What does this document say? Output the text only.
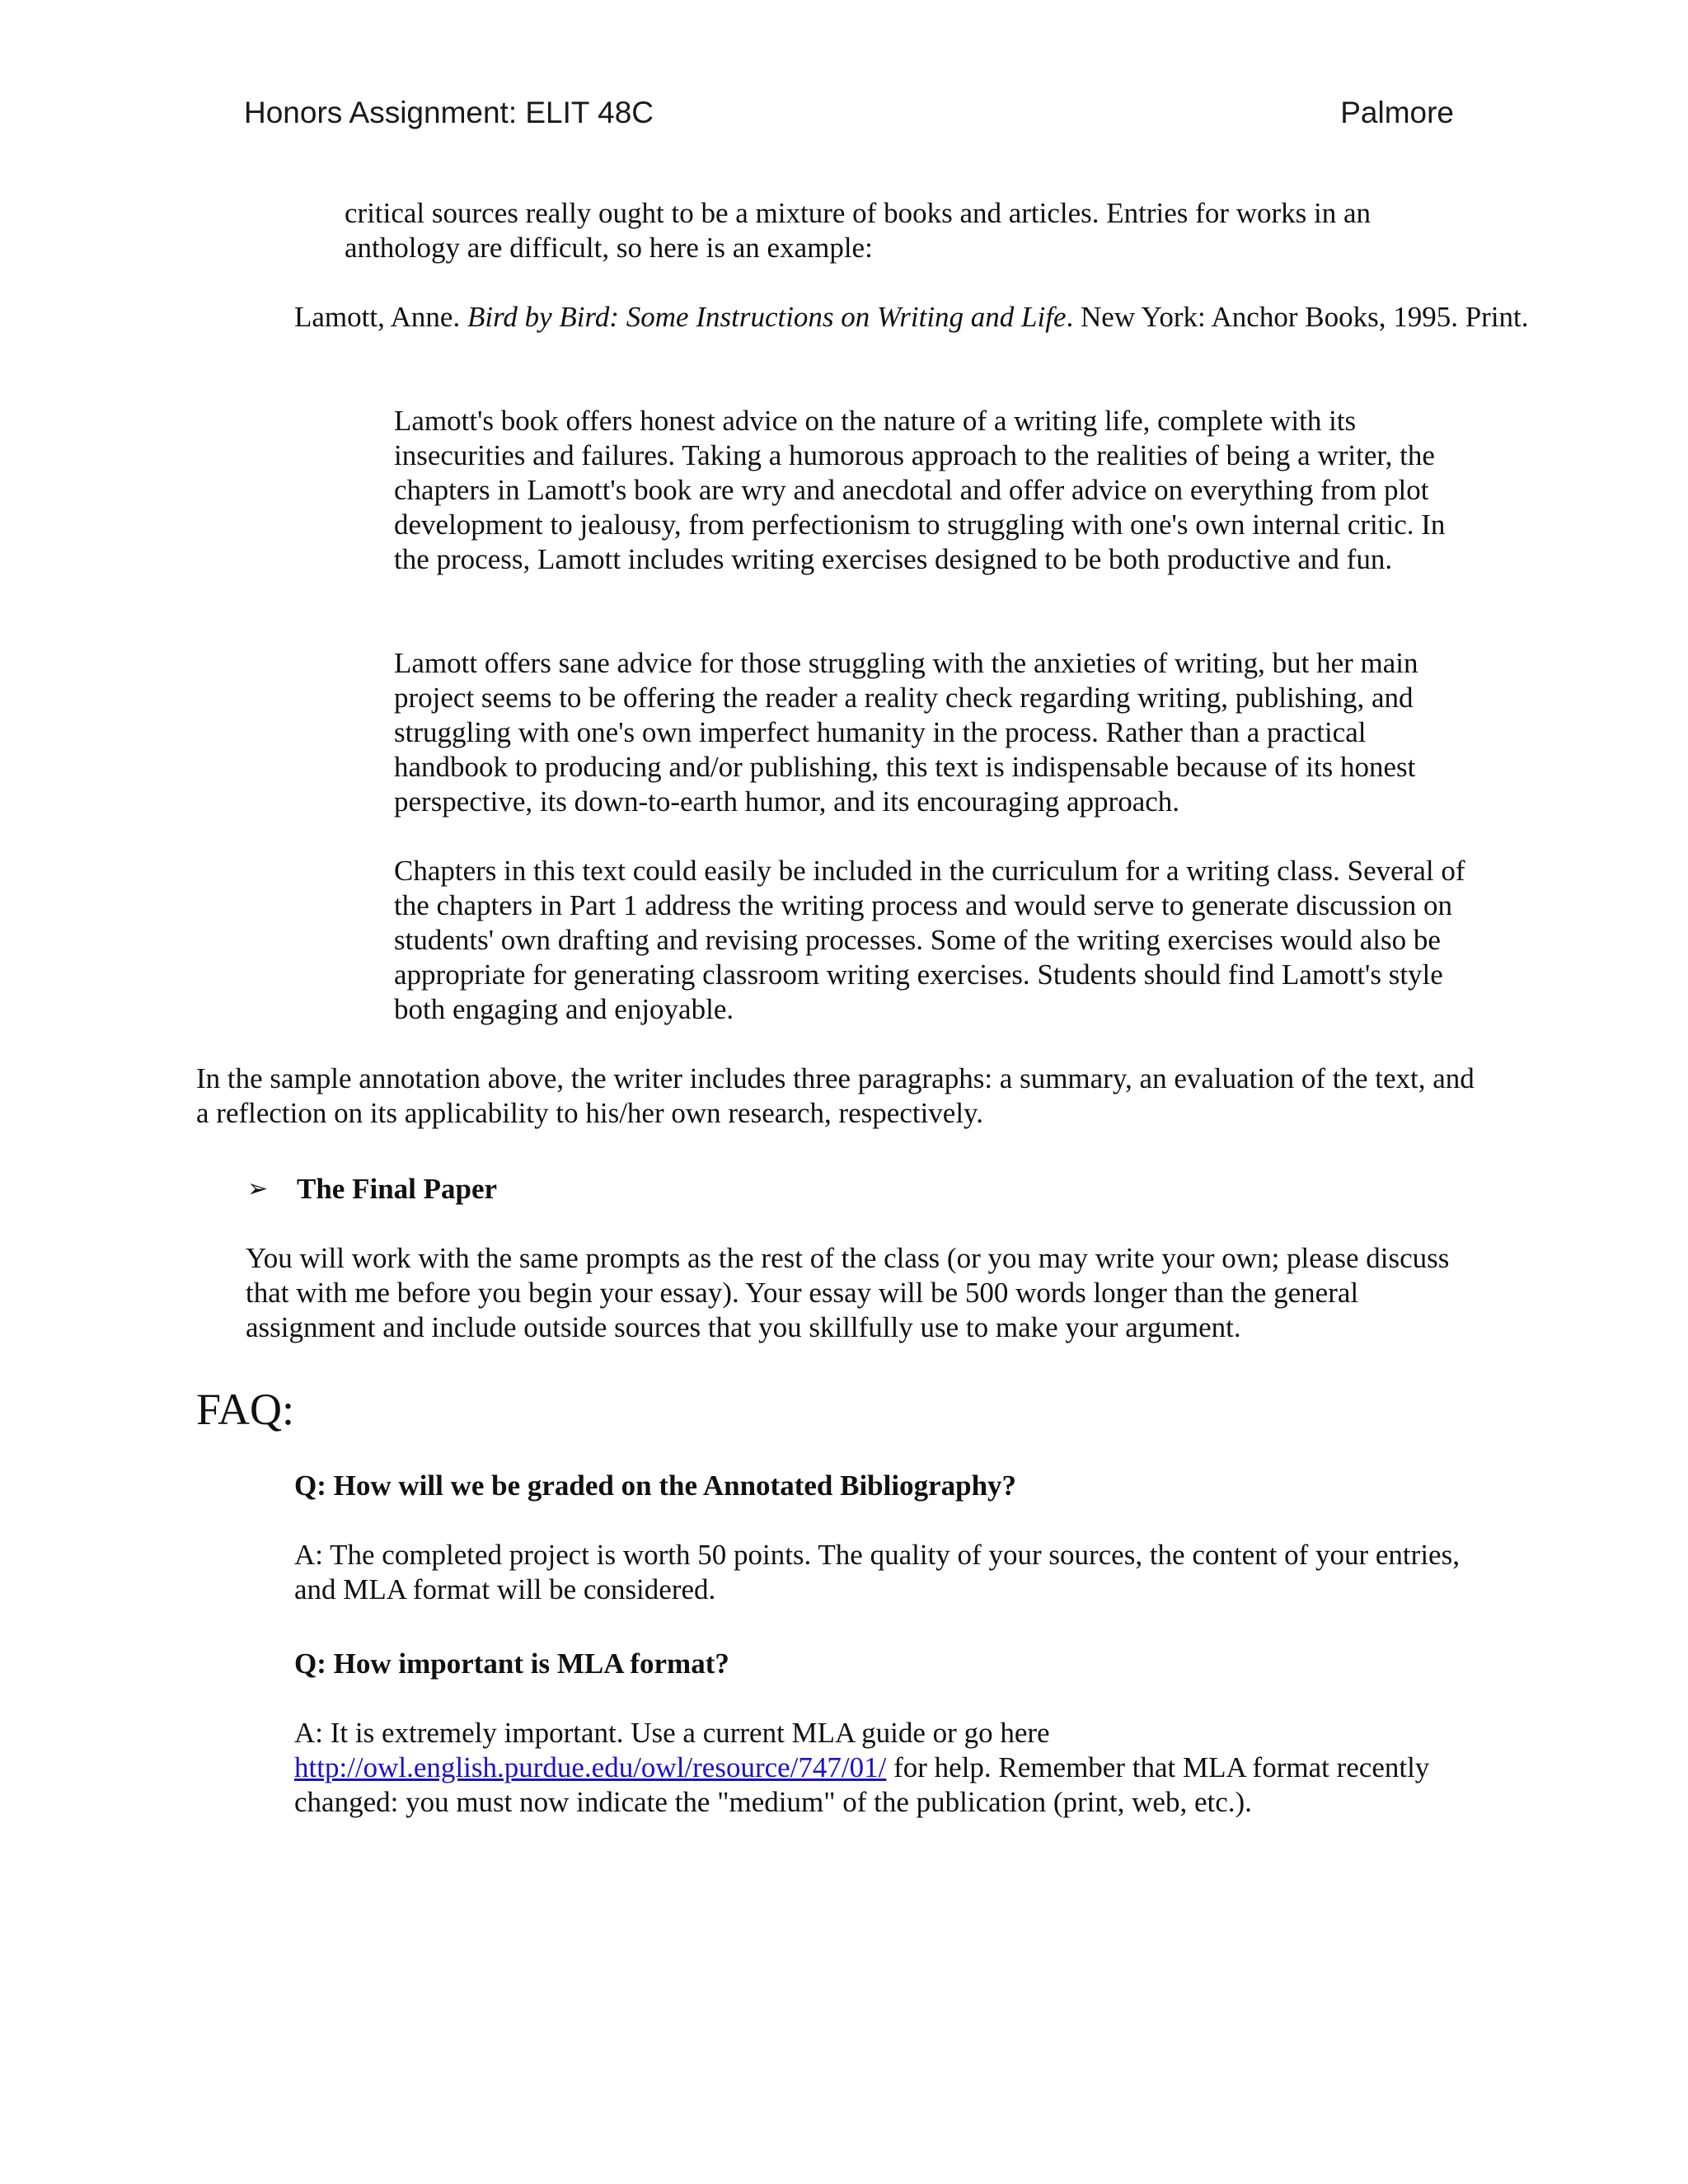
Honors Assignment: ELIT 48C	Palmore

critical sources really ought to be a mixture of books and articles. Entries for works in an anthology are difficult, so here is an example:

Lamott, Anne. Bird by Bird: Some Instructions on Writing and Life. New York: Anchor Books, 1995. Print.

Lamott's book offers honest advice on the nature of a writing life, complete with its insecurities and failures. Taking a humorous approach to the realities of being a writer, the chapters in Lamott's book are wry and anecdotal and offer advice on everything from plot development to jealousy, from perfectionism to struggling with one's own internal critic. In the process, Lamott includes writing exercises designed to be both productive and fun.

Lamott offers sane advice for those struggling with the anxieties of writing, but her main project seems to be offering the reader a reality check regarding writing, publishing, and struggling with one's own imperfect humanity in the process. Rather than a practical handbook to producing and/or publishing, this text is indispensable because of its honest perspective, its down-to-earth humor, and its encouraging approach.

Chapters in this text could easily be included in the curriculum for a writing class. Several of the chapters in Part 1 address the writing process and would serve to generate discussion on students' own drafting and revising processes. Some of the writing exercises would also be appropriate for generating classroom writing exercises. Students should find Lamott's style both engaging and enjoyable.

In the sample annotation above, the writer includes three paragraphs: a summary, an evaluation of the text, and a reflection on its applicability to his/her own research, respectively.

➢ The Final Paper

You will work with the same prompts as the rest of the class (or you may write your own; please discuss that with me before you begin your essay). Your essay will be 500 words longer than the general assignment and include outside sources that you skillfully use to make your argument.

FAQ:

Q: How will we be graded on the Annotated Bibliography?

A: The completed project is worth 50 points. The quality of your sources, the content of your entries, and MLA format will be considered.

Q: How important is MLA format?

A: It is extremely important. Use a current MLA guide or go here
http://owl.english.purdue.edu/owl/resource/747/01/ for help. Remember that MLA format recently changed: you must now indicate the "medium" of the publication (print, web, etc.).
